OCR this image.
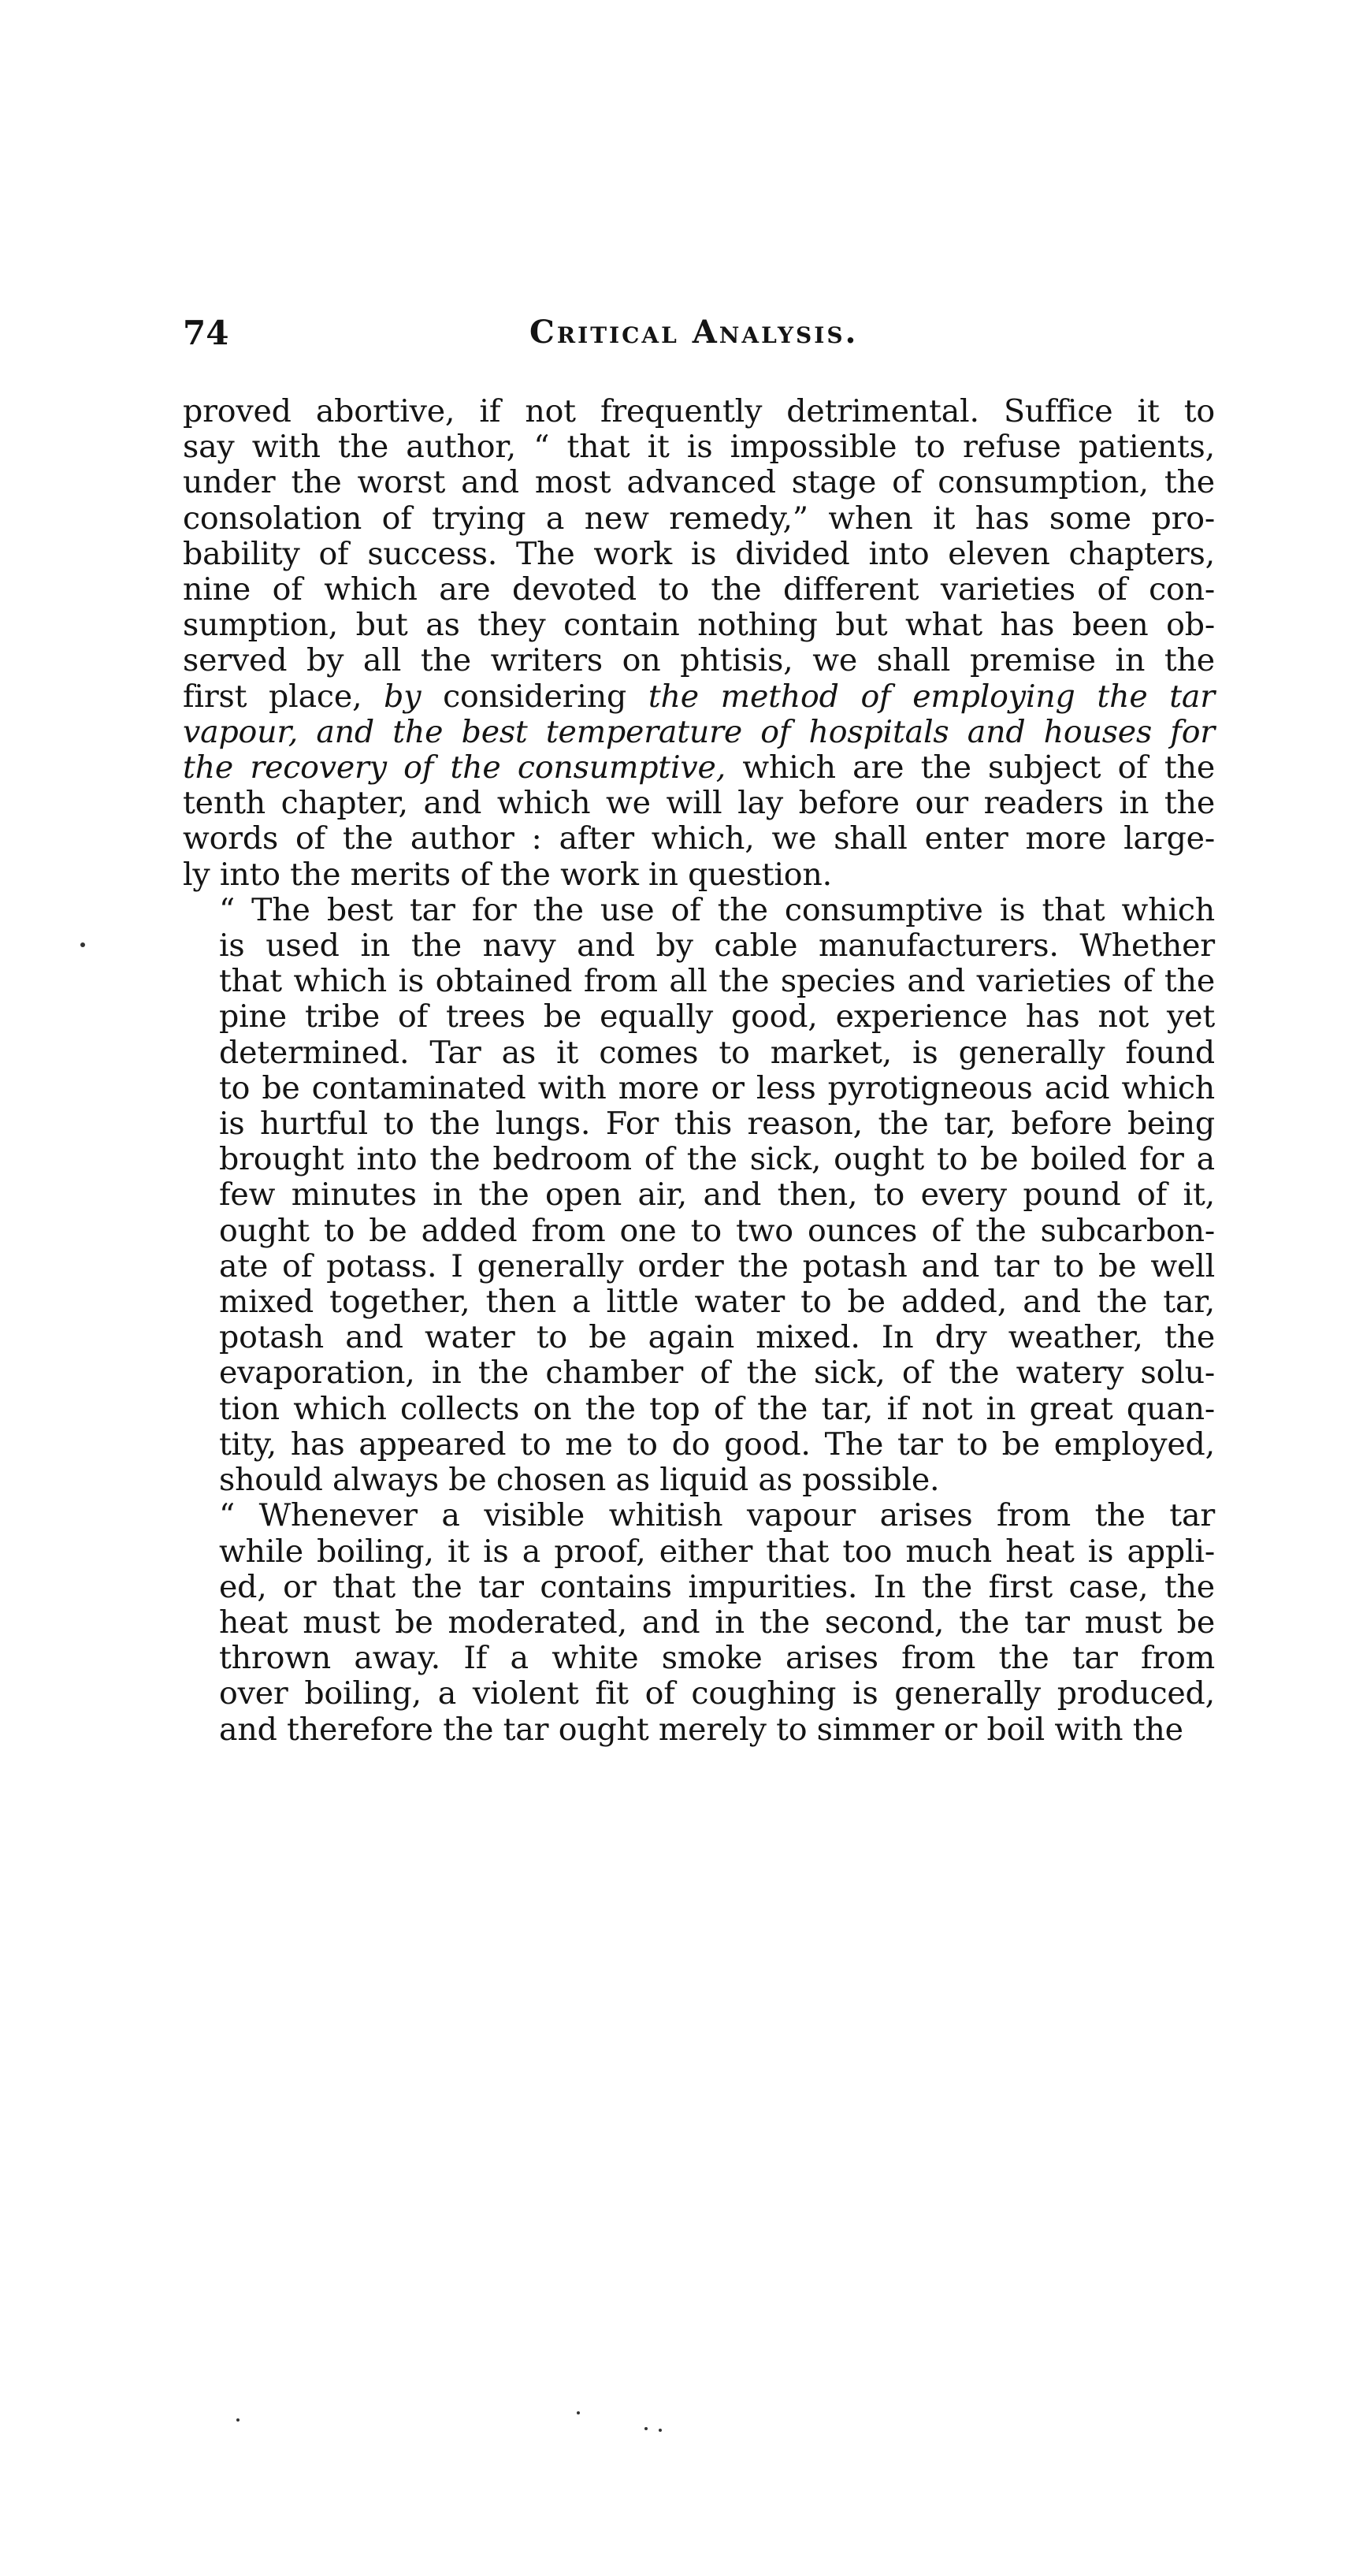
74	Critical Analysis.

proved abortive, if not frequently detrimental. Suffice it to
say with the author, “ that it is impossible to refuse patients,
under the worst and most advanced stage of consumption, the
consolation of trying a new remedy,” when it has some pro-
bability of success. The work is divided into eleven chapters,
nine of which are devoted to the different varieties of con-
sumption, but as they contain nothing but what has been ob-
served by all the writers on phtisis, we shall premise in the
first place, by considering the method of employing the tar
vapour, and the best temperature of hospitals and houses for
the recovery of the consumptive, which are the subject of the
tenth chapter, and which we will lay before our readers in the
words of the author : after which, we shall enter more large-
ly into the merits of the work in question.

“ The best tar for the use of the consumptive is that which
is used in the navy and by cable manufacturers. Whether
that which is obtained from all the species and varieties of the
pine tribe of trees be equally good, experience has not yet
determined. Tar as it comes to market, is generally found
to be contaminated with more or less pyrotigneous acid which
is hurtful to the lungs. For this reason, the tar, before being
brought into the bedroom of the sick, ought to be boiled for a
few minutes in the open air, and then, to every pound of it,
ought to be added from one to two ounces of the subcarbon-
ate of potass. I generally order the potash and tar to be well
mixed together, then a little water to be added, and the tar,
potash and water to be again mixed. In dry weather, the
evaporation, in the chamber of the sick, of the watery solu-
tion which collects on the top of the tar, if not in great quan-
tity, has appeared to me to do good. The tar to be employed,
should always be chosen as liquid as possible.

“ Whenever a visible whitish vapour arises from the tar
while boiling, it is a proof, either that too much heat is appli-
ed, or that the tar contains impurities. In the first case, the
heat must be moderated, and in the second, the tar must be
thrown away. If a white smoke arises from the tar from
over boiling, a violent fit of coughing is generally produced,
and therefore the tar ought merely to simmer or boil with the
